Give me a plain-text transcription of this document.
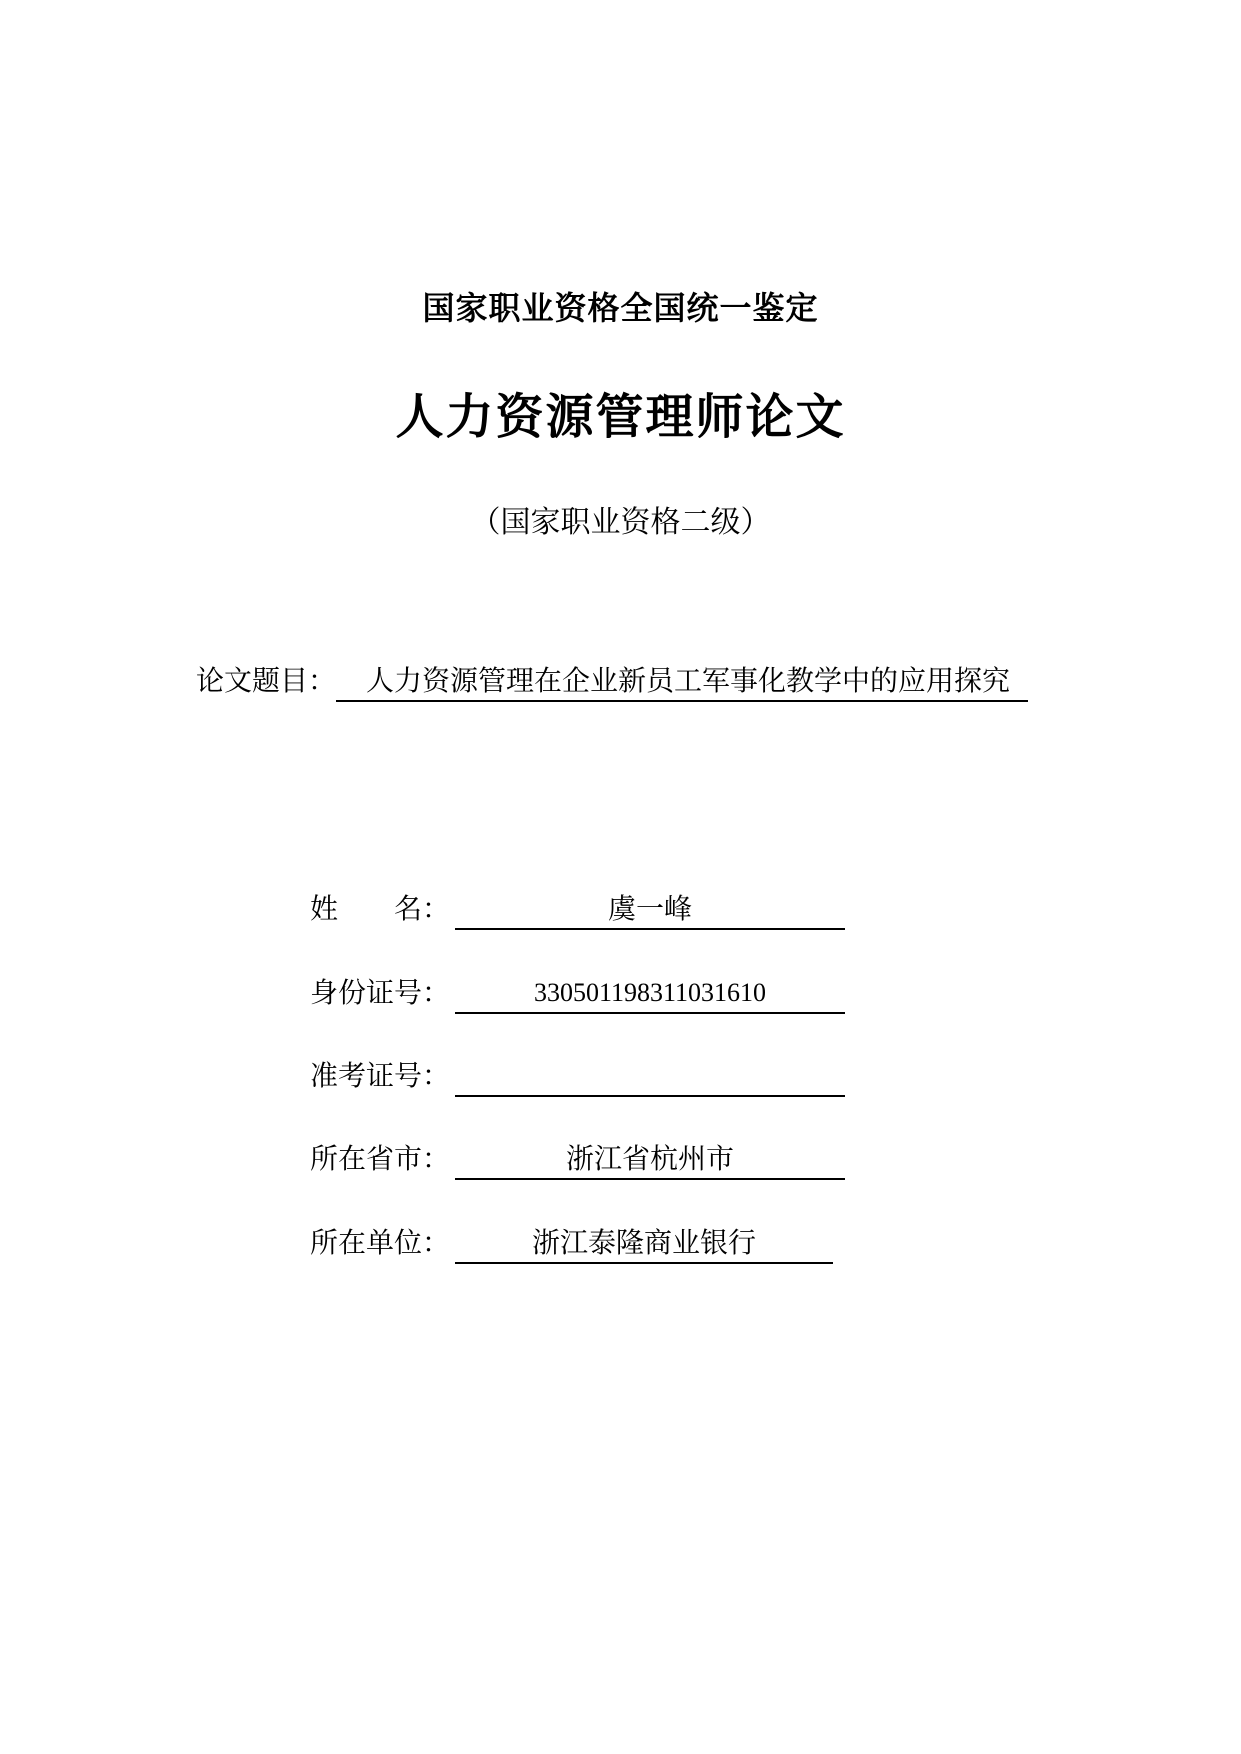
国家职业资格全国统一鉴定
人力资源管理师论文
（国家职业资格二级）
论文题目： 人力资源管理在企业新员工军事化教学中的应用探究
姓 名：	虞一峰
身份证号：	330501198311031610
准考证号：
所在省市：	浙江省杭州市
所在单位：	浙江泰隆商业银行
